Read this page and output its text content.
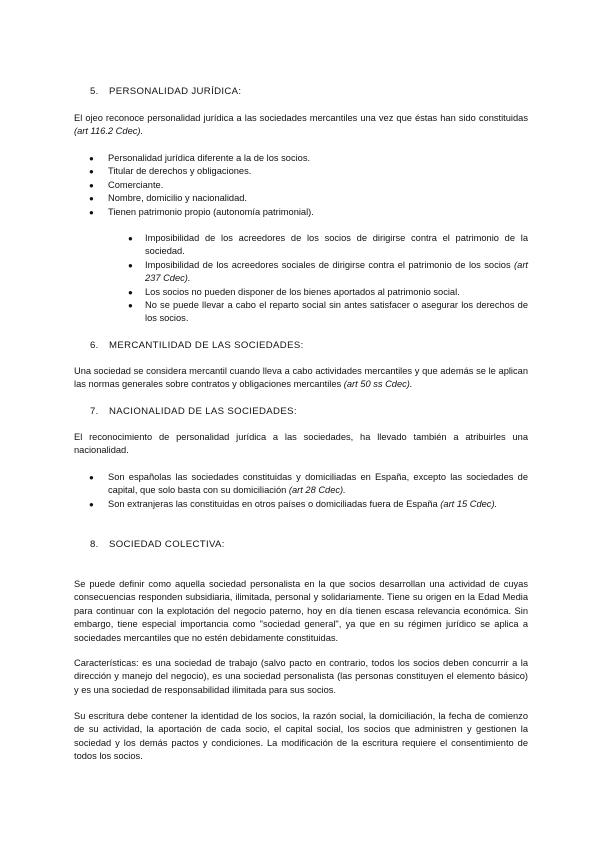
5. PERSONALIDAD JURÍDICA:
El ojeo reconoce personalidad jurídica a las sociedades mercantiles una vez que éstas han sido constituidas (art 116.2 Cdec).
● Personalidad jurídica diferente a la de los socios.
● Titular de derechos y obligaciones.
● Comerciante.
● Nombre, domicilio y nacionalidad.
● Tienen patrimonio propio (autonomía patrimonial).
● Imposibilidad de los acreedores de los socios de dirigirse contra el patrimonio de la sociedad.
● Imposibilidad de los acreedores sociales de dirigirse contra el patrimonio de los socios (art 237 Cdec).
● Los socios no pueden disponer de los bienes aportados al patrimonio social.
● No se puede llevar a cabo el reparto social sin antes satisfacer o asegurar los derechos de los socios.
6. MERCANTILIDAD DE LAS SOCIEDADES:
Una sociedad se considera mercantil cuando lleva a cabo actividades mercantiles y que además se le aplican las normas generales sobre contratos y obligaciones mercantiles (art 50 ss Cdec).
7. NACIONALIDAD DE LAS SOCIEDADES:
El reconocimiento de personalidad jurídica a las sociedades, ha llevado también a atribuirles una nacionalidad.
● Son españolas las sociedades constituidas y domiciliadas en España, excepto las sociedades de capital, que solo basta con su domiciliación (art 28 Cdec).
● Son extranjeras las constituidas en otros países o domiciliadas fuera de España (art 15 Cdec).
8. SOCIEDAD COLECTIVA:
Se puede definir como aquella sociedad personalista en la que socios desarrollan una actividad de cuyas consecuencias responden subsidiaria, ilimitada, personal y solidariamente. Tiene su origen en la Edad Media para continuar con la explotación del negocio paterno, hoy en día tienen escasa relevancia económica. Sin embargo, tiene especial importancia como "sociedad general", ya que en su régimen jurídico se aplica a sociedades mercantiles que no estén debidamente constituidas.
Características: es una sociedad de trabajo (salvo pacto en contrario, todos los socios deben concurrir a la dirección y manejo del negocio), es una sociedad personalista (las personas constituyen el elemento básico) y es una sociedad de responsabilidad ilimitada para sus socios.
Su escritura debe contener la identidad de los socios, la razón social, la domiciliación, la fecha de comienzo de su actividad, la aportación de cada socio, el capital social, los socios que administren y gestionen la sociedad y los demás pactos y condiciones. La modificación de la escritura requiere el consentimiento de todos los socios.
